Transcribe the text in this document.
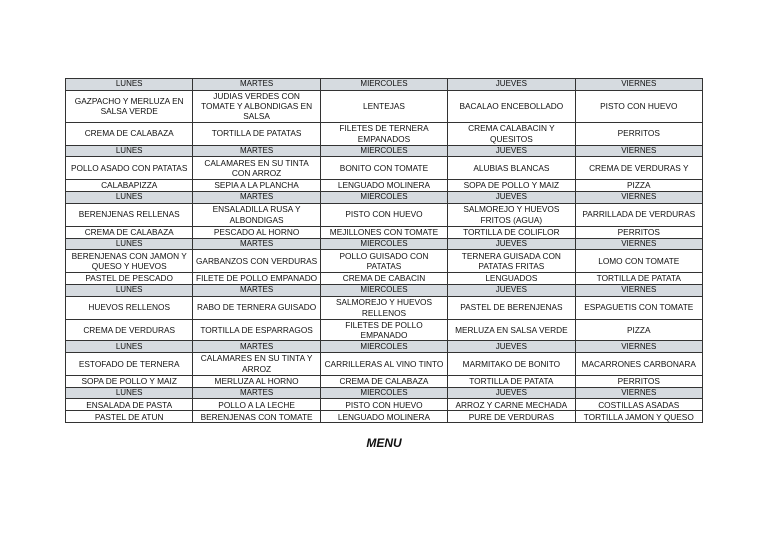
LUNES	MARTES	MIERCOLES	JUEVES	VIERNES
GAZPACHO Y MERLUZA EN SALSA VERDE	JUDIAS VERDES CON TOMATE Y ALBONDIGAS EN SALSA	LENTEJAS	BACALAO ENCEBOLLADO	PISTO CON HUEVO
CREMA DE CALABAZA	TORTILLA DE PATATAS	FILETES DE TERNERA EMPANADOS	CREMA CALABACIN Y QUESITOS	PERRITOS
LUNES	MARTES	MIERCOLES	JUEVES	VIERNES
POLLO ASADO CON PATATAS	CALAMARES EN SU TINTA CON ARROZ	BONITO CON TOMATE	ALUBIAS BLANCAS	CREMA DE VERDURAS Y
CALABAPIZZA	SEPIA A LA PLANCHA	LENGUADO MOLINERA	SOPA DE POLLO Y MAIZ	PIZZA
LUNES	MARTES	MIERCOLES	JUEVES	VIERNES
BERENJENAS RELLENAS	ENSALADILLA RUSA Y ALBONDIGAS	PISTO CON HUEVO	SALMOREJO Y HUEVOS FRITOS (AGUA)	PARRILLADA DE VERDURAS
CREMA DE CALABAZA	PESCADO AL HORNO	MEJILLONES CON TOMATE	TORTILLA DE COLIFLOR	PERRITOS
LUNES	MARTES	MIERCOLES	JUEVES	VIERNES
BERENJENAS CON JAMON Y QUESO Y HUEVOS	GARBANZOS CON VERDURAS	POLLO GUISADO CON PATATAS	TERNERA GUISADA CON PATATAS FRITAS	LOMO CON TOMATE
PASTEL DE PESCADO	FILETE DE POLLO EMPANADO	CREMA DE CABACIN	LENGUADOS	TORTILLA DE PATATA
LUNES	MARTES	MIERCOLES	JUEVES	VIERNES
HUEVOS RELLENOS	RABO DE TERNERA GUISADO	SALMOREJO Y HUEVOS RELLENOS	PASTEL DE BERENJENAS	ESPAGUETIS CON TOMATE
CREMA DE VERDURAS	TORTILLA DE ESPARRAGOS	FILETES DE POLLO EMPANADO	MERLUZA EN SALSA VERDE	PIZZA
LUNES	MARTES	MIERCOLES	JUEVES	VIERNES
ESTOFADO DE TERNERA	CALAMARES EN SU TINTA Y ARROZ	CARRILLERAS AL VINO TINTO	MARMITAKO DE BONITO	MACARRONES CARBONARA
SOPA DE POLLO Y MAIZ	MERLUZA AL HORNO	CREMA DE CALABAZA	TORTILLA DE PATATA	PERRITOS
LUNES	MARTES	MIERCOLES	JUEVES	VIERNES
ENSALADA DE PASTA	POLLO A LA LECHE	PISTO CON HUEVO	ARROZ Y CARNE MECHADA	COSTILLAS ASADAS
PASTEL DE ATUN	BERENJENAS CON TOMATE	LENGUADO MOLINERA	PURE DE VERDURAS	TORTILLA JAMON Y QUESO
MENU
